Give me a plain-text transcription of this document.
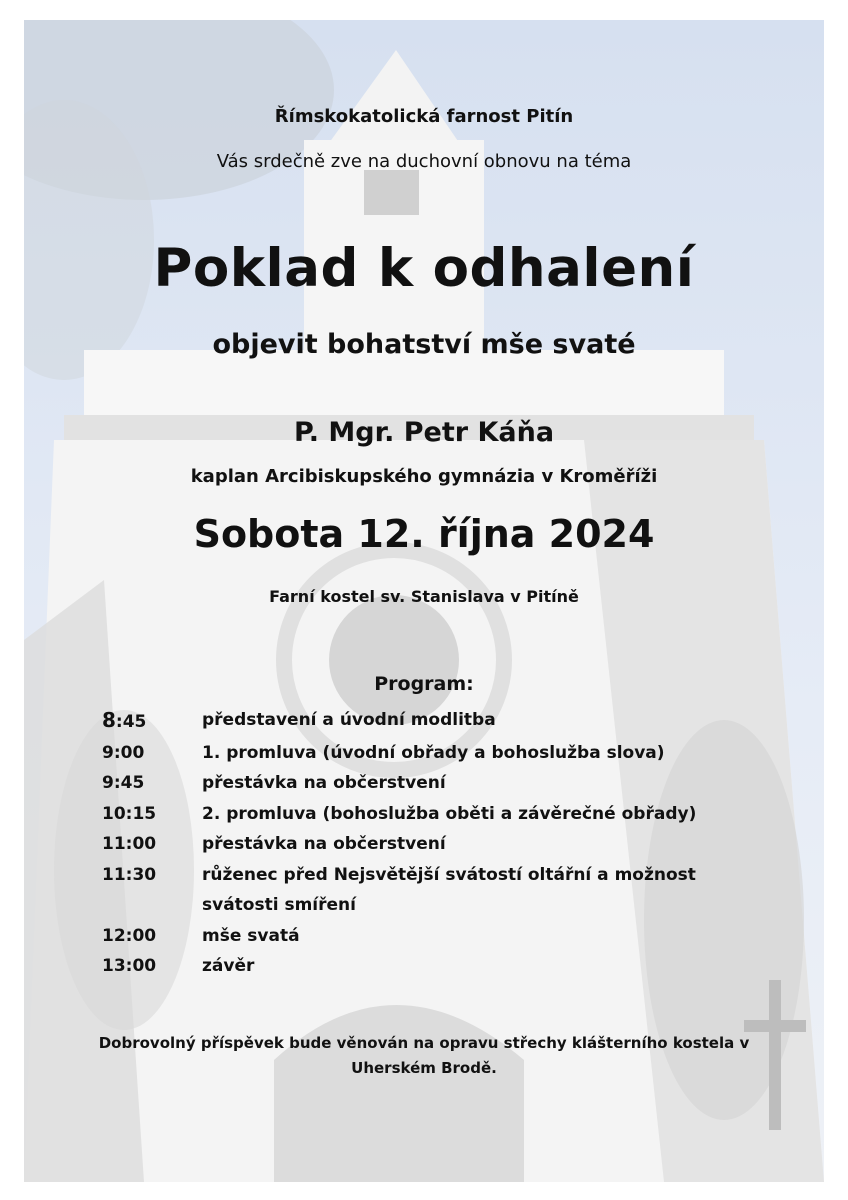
Římskokatolická farnost Pitín
Vás srdečně zve na duchovní obnovu na téma
Poklad k odhalení
objevit bohatství mše svaté
P. Mgr. Petr Káňa
kaplan Arcibiskupského gymnázia v Kroměříži
Sobota 12. října 2024
Farní kostel sv. Stanislava v Pitíně
Program:
8:45	představení a úvodní modlitba
9:00	1. promluva (úvodní obřady a bohoslužba slova)
9:45	přestávka na občerstvení
10:15	2. promluva (bohoslužba oběti a závěrečné obřady)
11:00	přestávka na občerstvení
11:30	růženec před Nejsvětější svátostí oltářní a možnost
svátosti smíření
12:00	mše svatá
13:00	závěr
Dobrovolný příspěvek bude věnován na opravu střechy klášterního kostela v
Uherském Brodě.
